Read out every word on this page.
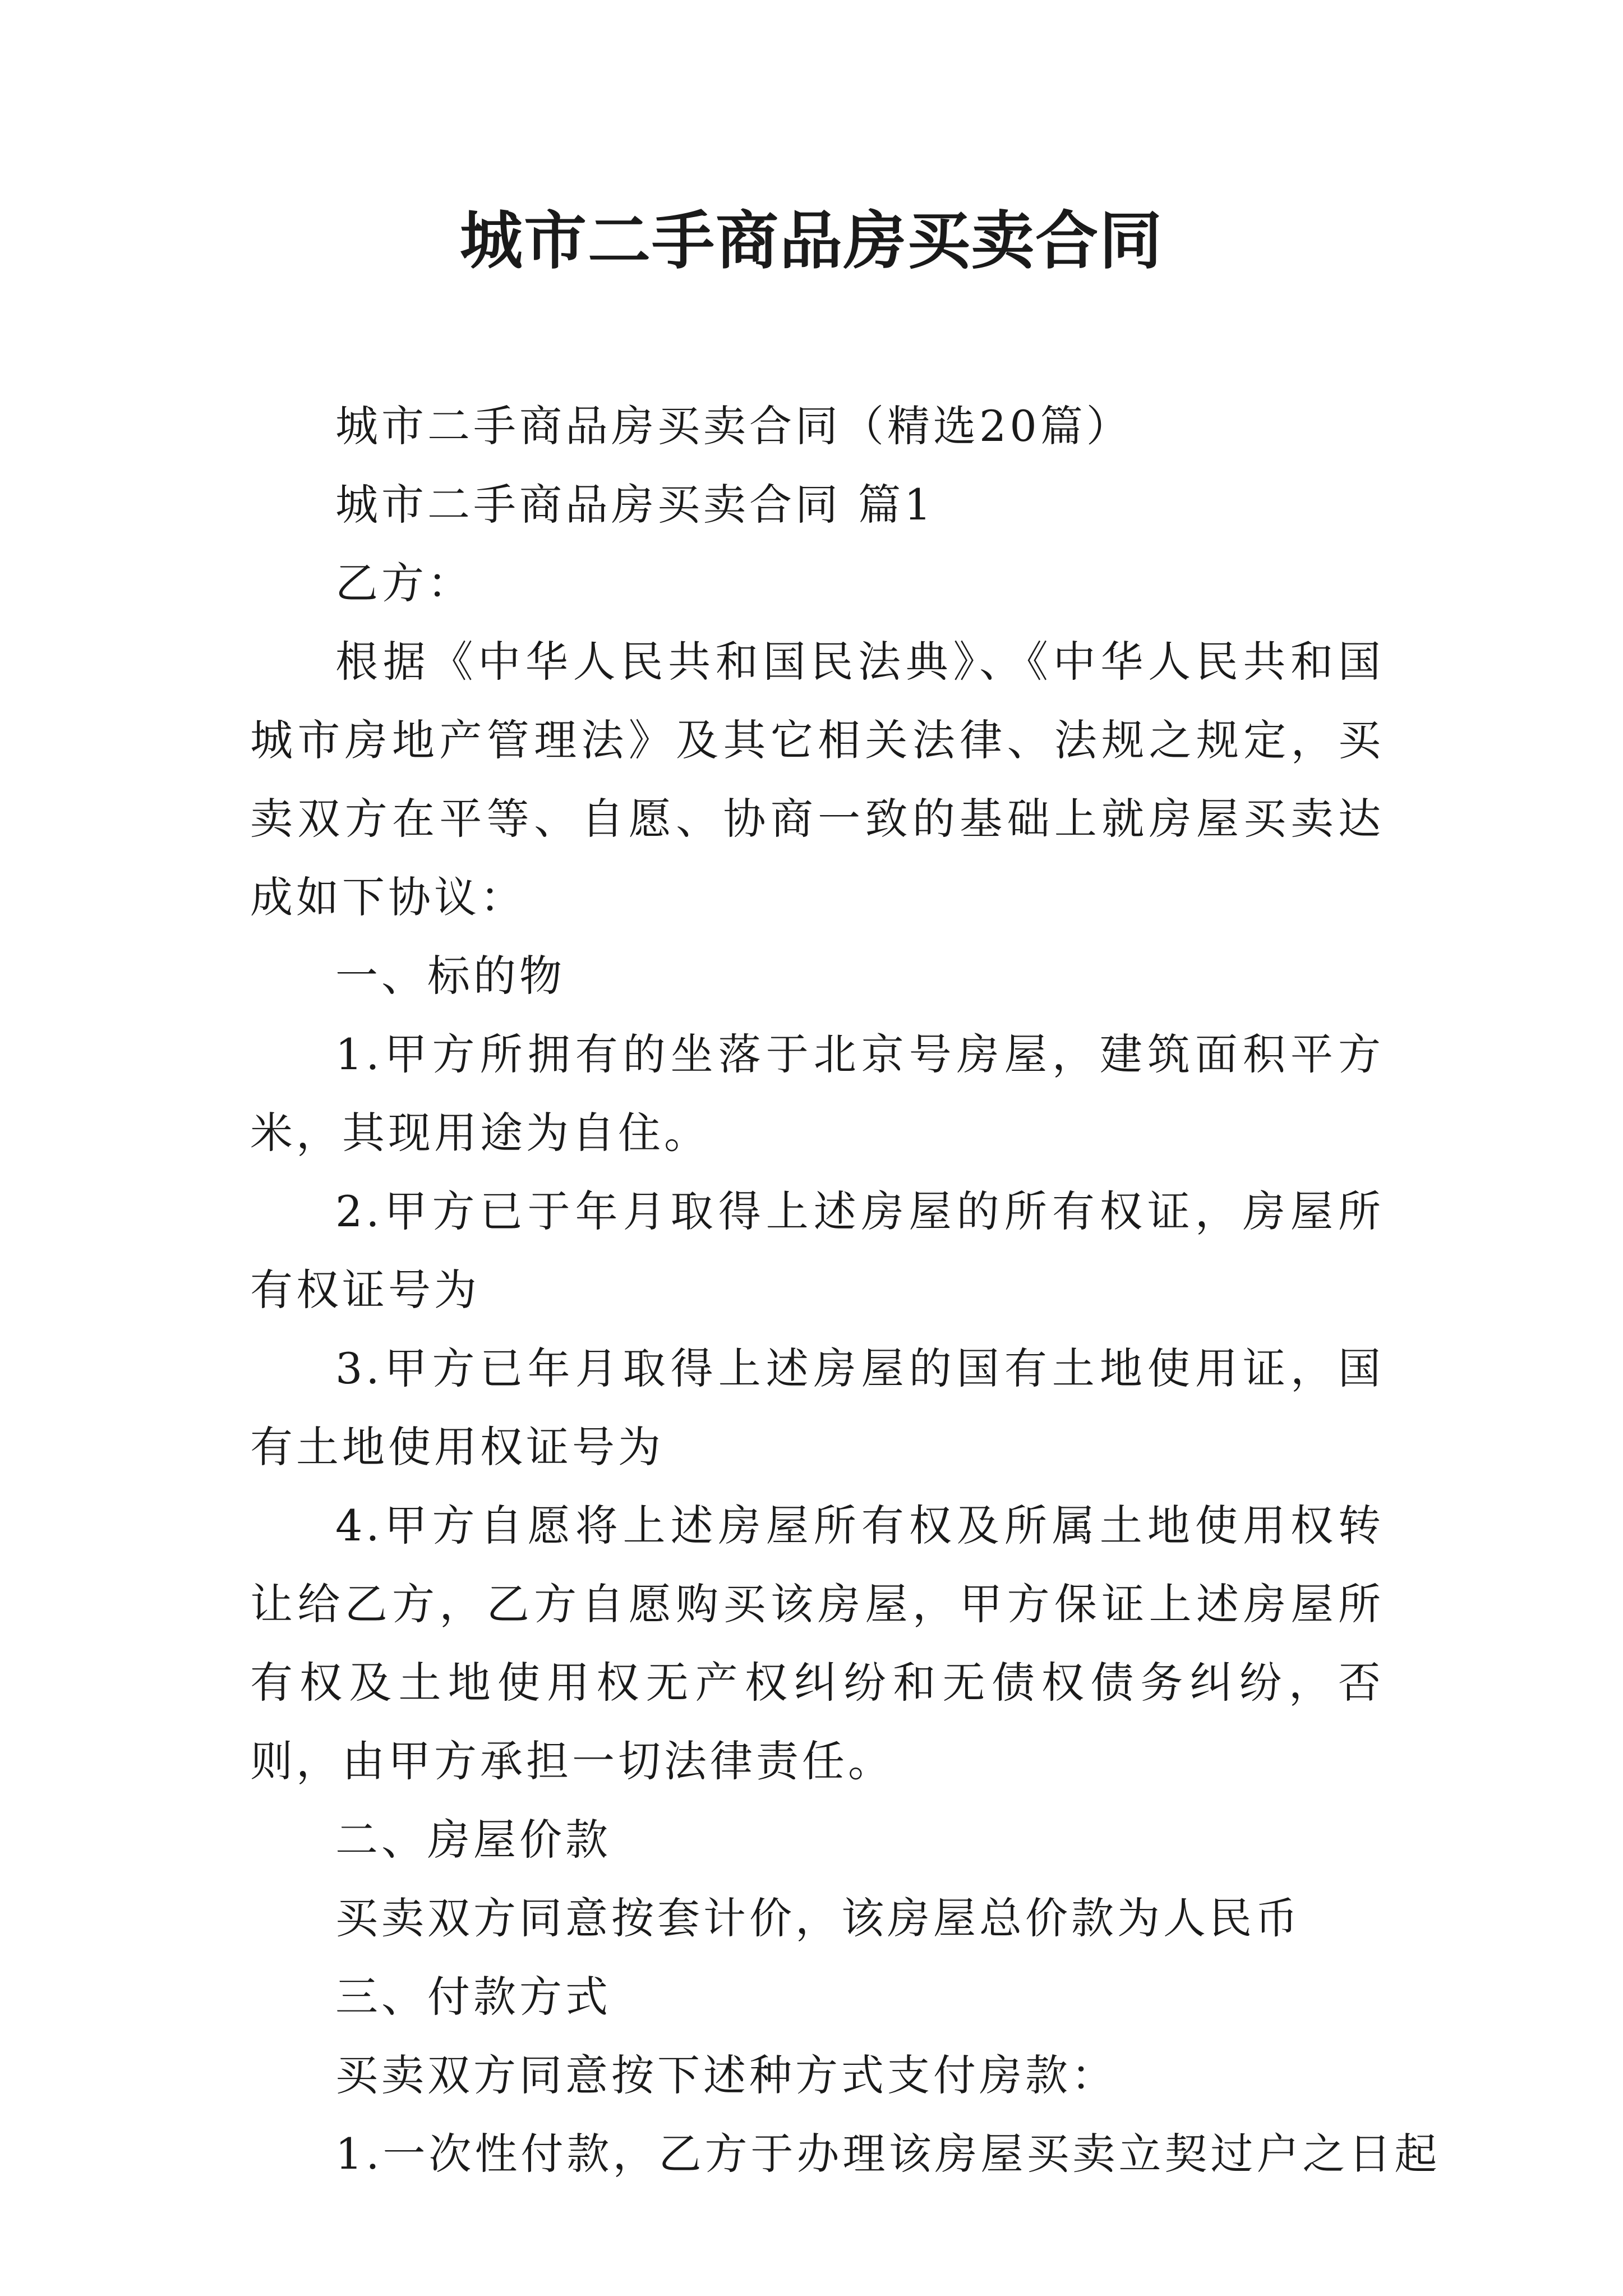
城市二手商品房买卖合同

城市二手商品房买卖合同（精选20篇）

城市二手商品房买卖合同 篇1

乙方：

根据《中华人民共和国民法典》、《中华人民共和国城市房地产管理法》及其它相关法律、法规之规定，买卖双方在平等、自愿、协商一致的基础上就房屋买卖达成如下协议：

一、标的物

1.甲方所拥有的坐落于北京号房屋，建筑面积平方米，其现用途为自住。

2.甲方已于年月取得上述房屋的所有权证，房屋所有权证号为

3.甲方已年月取得上述房屋的国有土地使用证，国有土地使用权证号为

4.甲方自愿将上述房屋所有权及所属土地使用权转让给乙方，乙方自愿购买该房屋，甲方保证上述房屋所有权及土地使用权无产权纠纷和无债权债务纠纷，否则，由甲方承担一切法律责任。

二、房屋价款

买卖双方同意按套计价，该房屋总价款为人民币

三、付款方式

买卖双方同意按下述种方式支付房款：

1.一次性付款，乙方于办理该房屋买卖立契过户之日起
